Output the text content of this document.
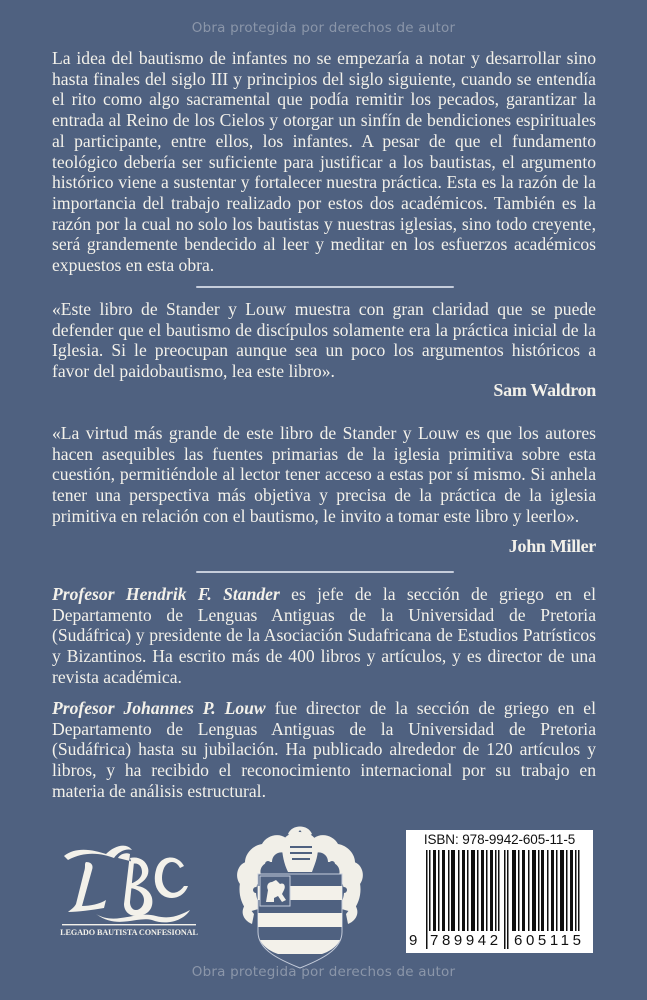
Obra protegida por derechos de autor
La idea del bautismo de infantes no se empezaría a notar y desarrollar sino hasta finales del siglo III y principios del siglo siguiente, cuando se entendía el rito como algo sacramental que podía remitir los pecados, garantizar la entrada al Reino de los Cielos y otorgar un sinfín de bendiciones espirituales al participante, entre ellos, los infantes. A pesar de que el fundamento teológico debería ser suficiente para justificar a los bautistas, el argumento histórico viene a sustentar y fortalecer nuestra práctica. Esta es la razón de la importancia del trabajo realizado por estos dos académicos. También es la razón por la cual no solo los bautistas y nuestras iglesias, sino todo creyente, será grandemente bendecido al leer y meditar en los esfuerzos académicos expuestos en esta obra.
«Este libro de Stander y Louw muestra con gran claridad que se puede defender que el bautismo de discípulos solamente era la práctica inicial de la Iglesia. Si le preocupan aunque sea un poco los argumentos históricos a favor del paidobautismo, lea este libro».
Sam Waldron
«La virtud más grande de este libro de Stander y Louw es que los autores hacen asequibles las fuentes primarias de la iglesia primitiva sobre esta cuestión, permitiéndole al lector tener acceso a estas por sí mismo. Si anhela tener una perspectiva más objetiva y precisa de la práctica de la iglesia primitiva en relación con el bautismo, le invito a tomar este libro y leerlo».
John Miller
Profesor Hendrik F. Stander es jefe de la sección de griego en el Departamento de Lenguas Antiguas de la Universidad de Pretoria (Sudáfrica) y presidente de la Asociación Sudafricana de Estudios Patrísticos y Bizantinos. Ha escrito más de 400 libros y artículos, y es director de una revista académica.
Profesor Johannes P. Louw fue director de la sección de griego en el Departamento de Lenguas Antiguas de la Universidad de Pretoria (Sudáfrica) hasta su jubilación. Ha publicado alrededor de 120 artículos y libros, y ha recibido el reconocimiento internacional por su trabajo en materia de análisis estructural.
LEGADO BAUTISTA CONFESIONAL
ISBN: 978-9942-605-11-5
9 789942 605115
Obra protegida por derechos de autor
